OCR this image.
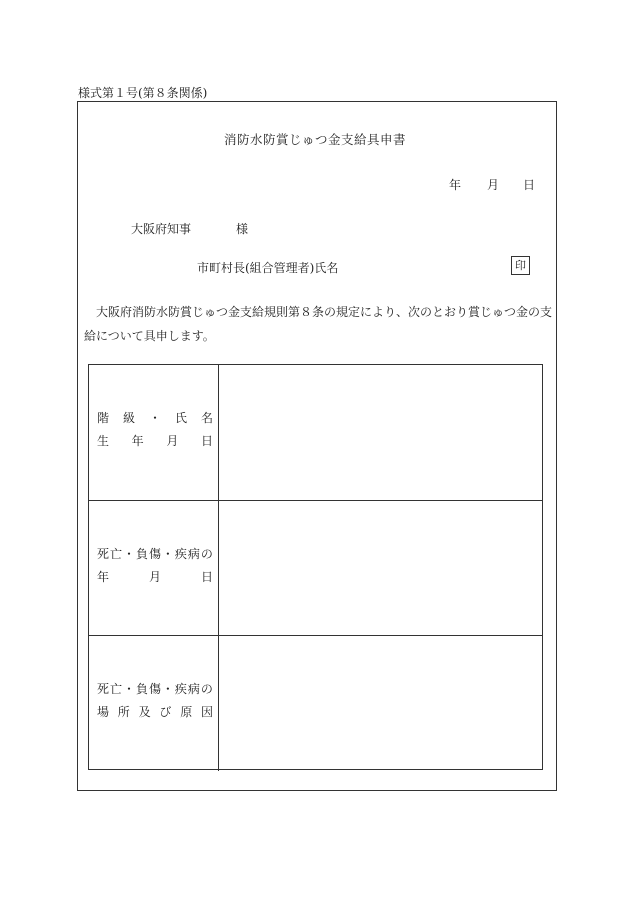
様式第１号(第８条関係)
消防水防賞じゅつ金支給具申書
年 月 日
大阪府知事	様
市町村長(組合管理者)氏名	印
大阪府消防水防賞じゅつ金支給規則第８条の規定により、次のとおり賞じゅつ金の支給について具申します。
階 級 ・ 氏 名
生 年 月 日
死 亡 ・ 負 傷 ・ 疾 病 の
年	月	日
死 亡 ・ 負 傷 ・ 疾 病 の
場 所 及 び 原 因
